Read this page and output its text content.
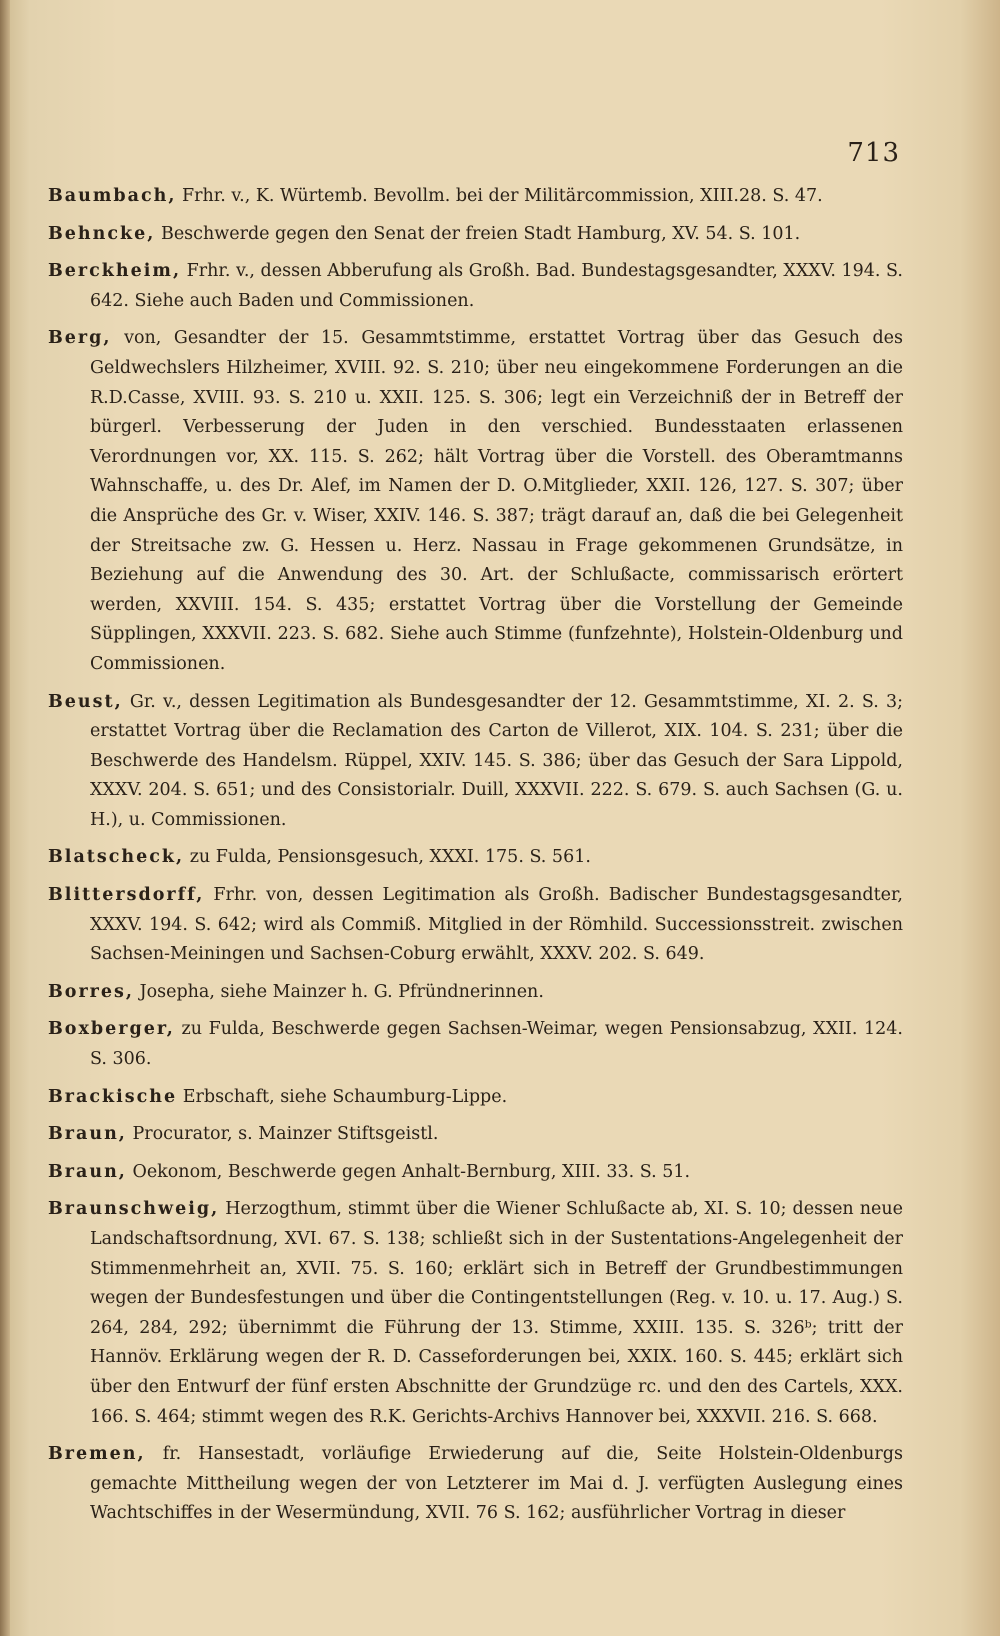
713

Baumbach, Frhr. v., K. Würtemb. Bevollm. bei der Militärcommission, XIII.28. S. 47.

Behncke, Beschwerde gegen den Senat der freien Stadt Hamburg, XV. 54. S. 101.

Berckheim, Frhr. v., dessen Abberufung als Großh. Bad. Bundestagsgesandter, XXXV. 194. S. 642. Siehe auch Baden und Commissionen.

Berg, von, Gesandter der 15. Gesammtstimme, erstattet Vortrag über das Gesuch des Geldwechslers Hilzheimer, XVIII. 92. S. 210; über neu eingekommene Forderungen an die R.D.Casse, XVIII. 93. S. 210 u. XXII. 125. S. 306; legt ein Verzeichniß der in Betreff der bürgerl. Verbesserung der Juden in den verschied. Bundesstaaten erlassenen Verordnungen vor, XX. 115. S. 262; hält Vortrag über die Vorstell. des Oberamtmanns Wahnschaffe, u. des Dr. Alef, im Namen der D. O.Mitglieder, XXII. 126, 127. S. 307; über die Ansprüche des Gr. v. Wiser, XXIV. 146. S. 387; trägt darauf an, daß die bei Gelegenheit der Streitsache zw. G. Hessen u. Herz. Nassau in Frage gekommenen Grundsätze, in Beziehung auf die Anwendung des 30. Art. der Schlußacte, commissarisch erörtert werden, XXVIII. 154. S. 435; erstattet Vortrag über die Vorstellung der Gemeinde Süpplingen, XXXVII. 223. S. 682. Siehe auch Stimme (funfzehnte), Holstein-Oldenburg und Commissionen.

Beust, Gr. v., dessen Legitimation als Bundesgesandter der 12. Gesammtstimme, XI. 2. S. 3; erstattet Vortrag über die Reclamation des Carton de Villerot, XIX. 104. S. 231; über die Beschwerde des Handelsm. Rüppel, XXIV. 145. S. 386; über das Gesuch der Sara Lippold, XXXV. 204. S. 651; und des Consistorialr. Duill, XXXVII. 222. S. 679. S. auch Sachsen (G. u. H.), u. Commissionen.

Blatscheck, zu Fulda, Pensionsgesuch, XXXI. 175. S. 561.

Blittersdorff, Frhr. von, dessen Legitimation als Großh. Badischer Bundestagsgesandter, XXXV. 194. S. 642; wird als Commiß. Mitglied in der Römhild. Successionsstreit. zwischen Sachsen-Meiningen und Sachsen-Coburg erwählt, XXXV. 202. S. 649.

Borres, Josepha, siehe Mainzer h. G. Pfründnerinnen.

Boxberger, zu Fulda, Beschwerde gegen Sachsen-Weimar, wegen Pensionsabzug, XXII. 124. S. 306.

Brackische Erbschaft, siehe Schaumburg-Lippe.

Braun, Procurator, s. Mainzer Stiftsgeistl.

Braun, Oekonom, Beschwerde gegen Anhalt-Bernburg, XIII. 33. S. 51.

Braunschweig, Herzogthum, stimmt über die Wiener Schlußacte ab, XI. S. 10; dessen neue Landschaftsordnung, XVI. 67. S. 138; schließt sich in der Sustentations-Angelegenheit der Stimmenmehrheit an, XVII. 75. S. 160; erklärt sich in Betreff der Grundbestimmungen wegen der Bundesfestungen und über die Contingentstellungen (Reg. v. 10. u. 17. Aug.) S. 264, 284, 292; übernimmt die Führung der 13. Stimme, XXIII. 135. S. 326ᵇ; tritt der Hannöv. Erklärung wegen der R. D. Casseforderungen bei, XXIX. 160. S. 445; erklärt sich über den Entwurf der fünf ersten Abschnitte der Grundzüge rc. und den des Cartels, XXX. 166. S. 464; stimmt wegen des R.K. Gerichts-Archivs Hannover bei, XXXVII. 216. S. 668.

Bremen, fr. Hansestadt, vorläufige Erwiederung auf die, Seite Holstein-Oldenburgs gemachte Mittheilung wegen der von Letzterer im Mai d. J. verfügten Auslegung eines Wachtschiffes in der Wesermündung, XVII. 76 S. 162; ausführlicher Vortrag in dieser
